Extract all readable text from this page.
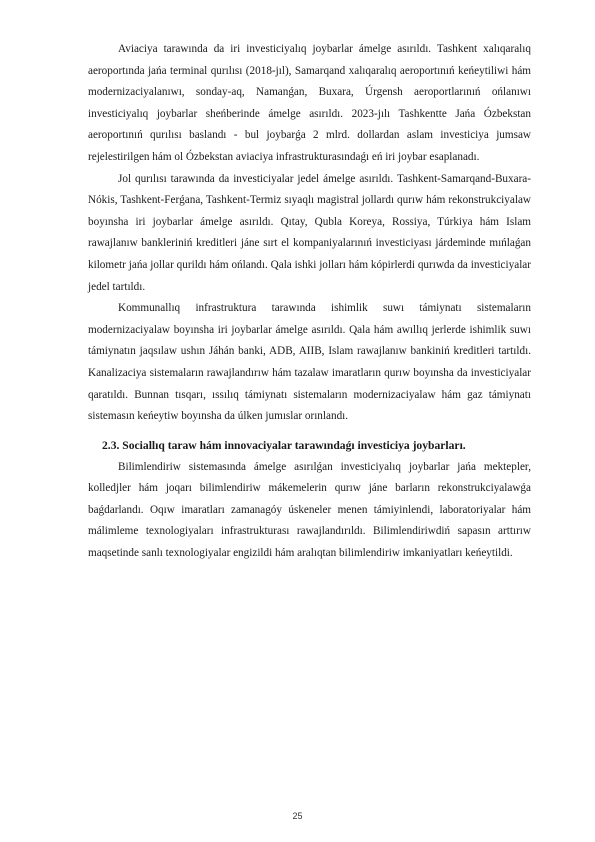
Aviaciya tarawında da iri investiciyalıq joybarlar ámelge asırıldı. Tashkent xalıqaralıq aeroportında jańa terminal qurılısı (2018-jıl), Samarqand xalıqaralıq aeroportınıń keńeytiliwi hám modernizaciyalanıwı, sonday-aq, Namanǵan, Buxara, Úrgensh aeroportlarınıń ońlanıwı investiciyalıq joybarlar sheńberinde ámelge asırıldı. 2023-jılı Tashkentte Jańa Ózbekstan aeroportınıń qurılısı baslandı - bul joybarǵa 2 mlrd. dollardan aslam investiciya jumsaw rejelestirilgen hám ol Ózbekstan aviaciya infrastrukturasındaǵı eń iri joybar esaplanadı.

Jol qurılısı tarawında da investiciyalar jedel ámelge asırıldı. Tashkent-Samarqand-Buxara-Nókis, Tashkent-Ferǵana, Tashkent-Termiz sıyaqlı magistral jollardı qurıw hám rekonstrukciyalaw boyınsha iri joybarlar ámelge asırıldı. Qıtay, Qubla Koreya, Rossiya, Túrkiya hám Islam rawajlanıw bankleriniń kreditleri jáne sırt el kompaniyalarınıń investiciyası járdeminde mıńlaǵan kilometr jańa jollar qurildı hám ońlandı. Qala ishki jolları hám kópirlerdi qurıwda da investiciyalar jedel tartıldı.

Kommunallıq infrastruktura tarawında ishimlik suwı támiynatı sistemaların modernizaciyalaw boyınsha iri joybarlar ámelge asırıldı. Qala hám awıllıq jerlerde ishimlik suwı támiynatın jaqsılaw ushın Jáhán banki, ADB, AIIB, Islam rawajlanıw bankiniń kreditleri tartıldı. Kanalizaciya sistemaların rawajlandırıw hám tazalaw imaratların qurıw boyınsha da investiciyalar qaratıldı. Bunnan tısqarı, ıssılıq támiynatı sistemaların modernizaciyalaw hám gaz támiynatı sistemasın keńeytiw boyınsha da úlken jumıslar orınlandı.

2.3. Sociallıq taraw hám innovaciyalar tarawındaǵı investiciya joybarları.

Bilimlendiriw sistemasında ámelge asırılǵan investiciyalıq joybarlar jańa mektepler, kolledjler hám joqarı bilimlendiriw mákemelerin qurıw jáne barların rekonstrukciyalawǵa baǵdarlandı. Oqıw imaratları zamanagóy úskeneler menen támiyinlendi, laboratoriyalar hám málimleme texnologiyaları infrastrukturası rawajlandırıldı. Bilimlendiriwdiń sapasın arttırıw maqsetinde sanlı texnologiyalar engizildi hám aralıqtan bilimlendiriw imkaniyatları keńeytildi.

25
